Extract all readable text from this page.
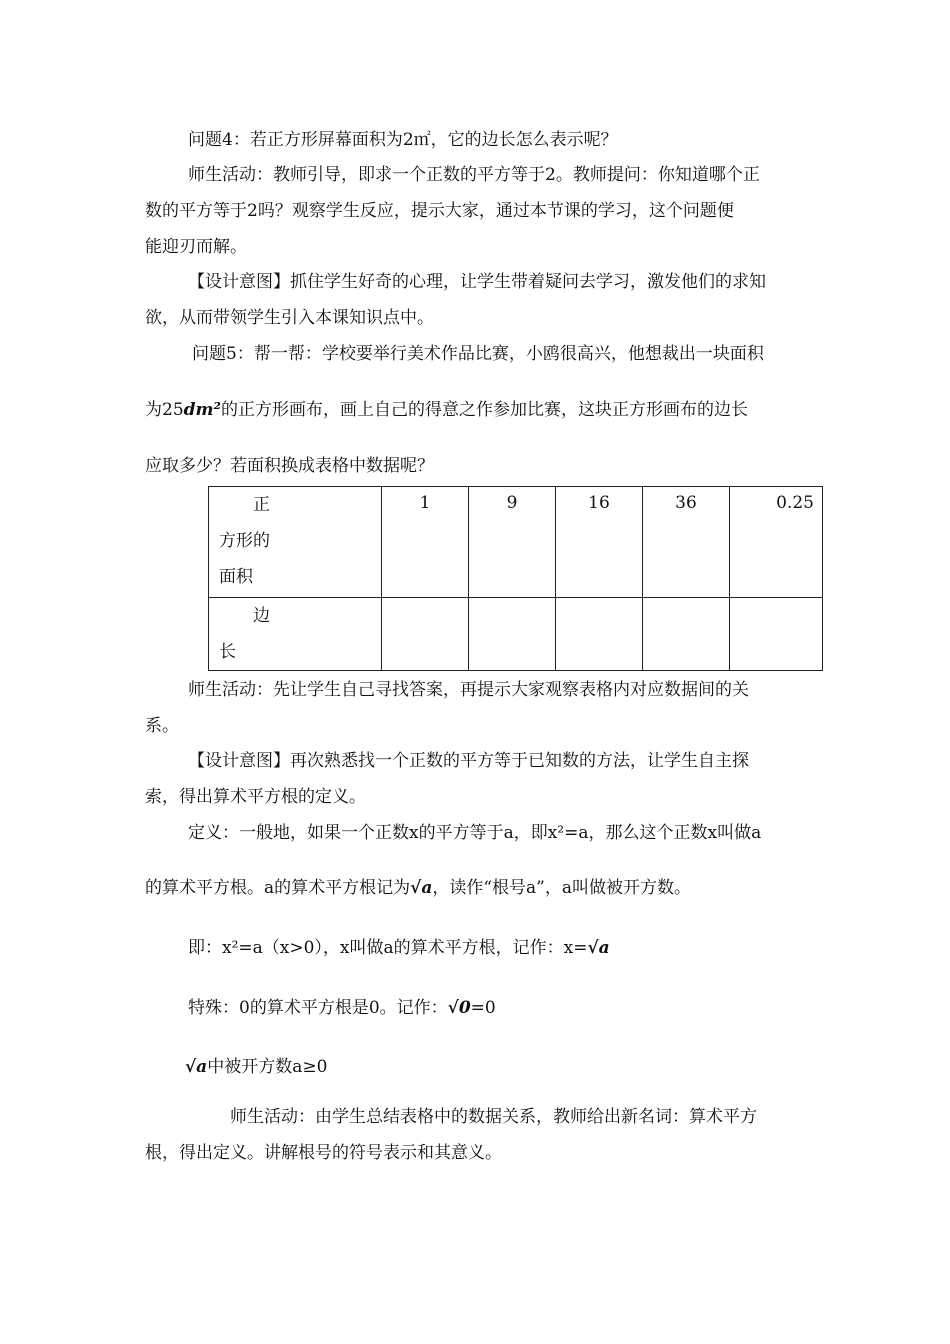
问题4：若正方形屏幕面积为2㎡，它的边长怎么表示呢？
师生活动：教师引导，即求一个正数的平方等于2。教师提问：你知道哪个正
数的平方等于2吗？观察学生反应，提示大家，通过本节课的学习，这个问题便
能迎刃而解。
【设计意图】抓住学生好奇的心理，让学生带着疑问去学习，激发他们的求知
欲，从而带领学生引入本课知识点中。
问题5：帮一帮：学校要举行美术作品比赛，小鸥很高兴，他想裁出一块面积
为25dm²的正方形画布，画上自己的得意之作参加比赛，这块正方形画布的边长
应取多少？若面积换成表格中数据呢？
正
方形的
面积	1	9	16	36	0.25

边
长					

师生活动：先让学生自己寻找答案，再提示大家观察表格内对应数据间的关
系。
【设计意图】再次熟悉找一个正数的平方等于已知数的方法，让学生自主探
索，得出算术平方根的定义。
定义：一般地，如果一个正数x的平方等于a，即x²=a，那么这个正数x叫做a
的算术平方根。a的算术平方根记为√a，读作“根号a”，a叫做被开方数。
即：x²=a（x>0），x叫做a的算术平方根，记作：x=√a
特殊：0的算术平方根是0。记作：√0=0
√a中被开方数a≥0
师生活动：由学生总结表格中的数据关系，教师给出新名词：算术平方
根，得出定义。讲解根号的符号表示和其意义。
